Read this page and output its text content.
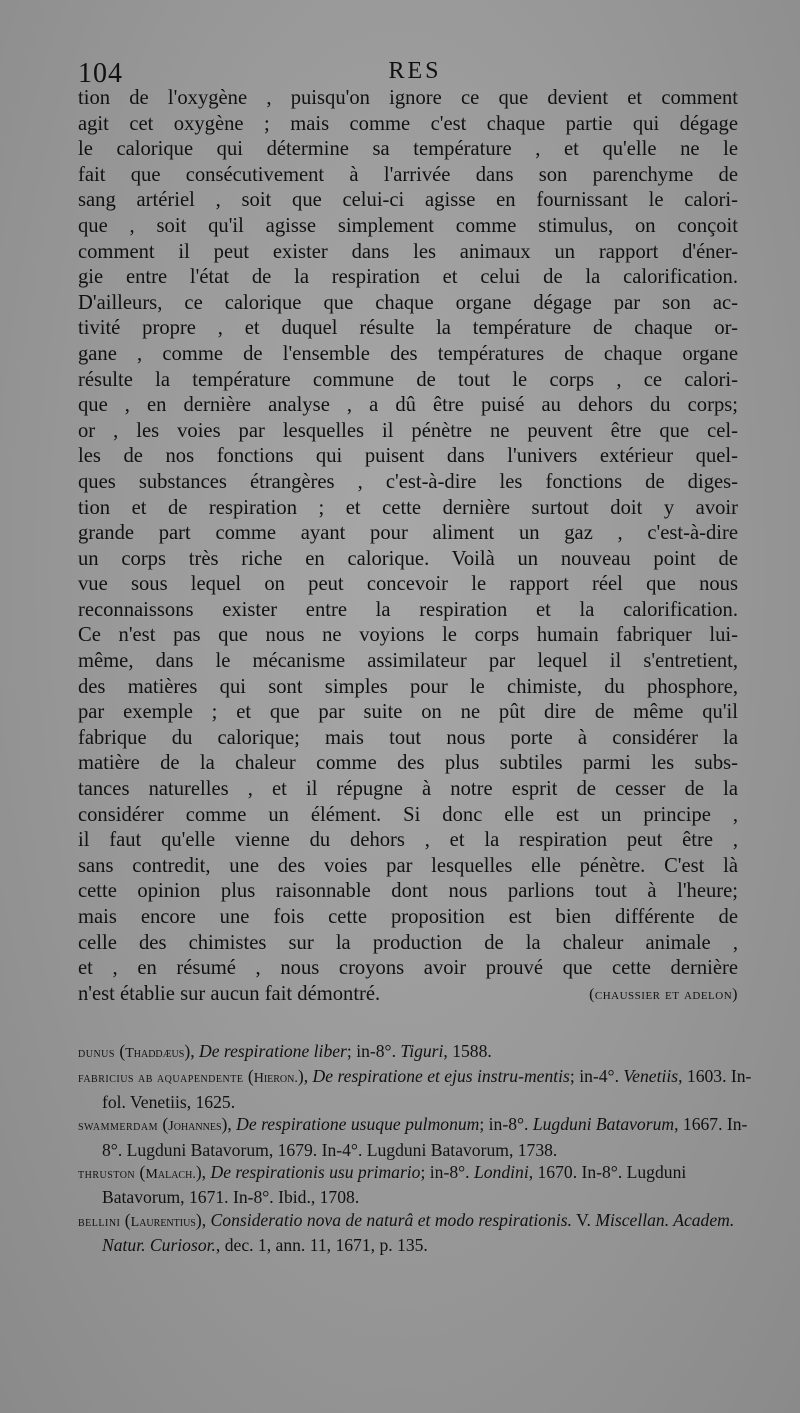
104	RES
tion de l'oxygène , puisqu'on ignore ce que devient et comment
agit cet oxygène ; mais comme c'est chaque partie qui dégage
le calorique qui détermine sa température , et qu'elle ne le
fait que consécutivement à l'arrivée dans son parenchyme de
sang artériel , soit que celui-ci agisse en fournissant le calori-
que , soit qu'il agisse simplement comme stimulus, on conçoit
comment il peut exister dans les animaux un rapport d'éner-
gie entre l'état de la respiration et celui de la calorification.
D'ailleurs, ce calorique que chaque organe dégage par son ac-
tivité propre , et duquel résulte la température de chaque or-
gane , comme de l'ensemble des températures de chaque organe
résulte la température commune de tout le corps , ce calori-
que , en dernière analyse , a dû être puisé au dehors du corps;
or , les voies par lesquelles il pénètre ne peuvent être que cel-
les de nos fonctions qui puisent dans l'univers extérieur quel-
ques substances étrangères , c'est-à-dire les fonctions de diges-
tion et de respiration ; et cette dernière surtout doit y avoir
grande part comme ayant pour aliment un gaz , c'est-à-dire
un corps très riche en calorique. Voilà un nouveau point de
vue sous lequel on peut concevoir le rapport réel que nous
reconnaissons exister entre la respiration et la calorification.
Ce n'est pas que nous ne voyions le corps humain fabriquer lui-
même, dans le mécanisme assimilateur par lequel il s'entretient,
des matières qui sont simples pour le chimiste, du phosphore,
par exemple ; et que par suite on ne pût dire de même qu'il
fabrique du calorique; mais tout nous porte à considérer la
matière de la chaleur comme des plus subtiles parmi les subs-
tances naturelles , et il répugne à notre esprit de cesser de la
considérer comme un élément. Si donc elle est un principe ,
il faut qu'elle vienne du dehors , et la respiration peut être ,
sans contredit, une des voies par lesquelles elle pénètre. C'est là
cette opinion plus raisonnable dont nous parlions tout à l'heure;
mais encore une fois cette proposition est bien différente de
celle des chimistes sur la production de la chaleur animale ,
et , en résumé , nous croyons avoir prouvé que cette dernière
n'est établie sur aucun fait démontré.	(chaussier et adelon)
dunus (Thaddæus), De respiratione liber; in-8°. Tiguri, 1588.
fabricius ab aquapendente (Hieron.), De respiratione et ejus instru-mentis; in-4°. Venetiis, 1603. In-fol. Venetiis, 1625.
swammerdam (Johannes), De respiratione usuque pulmonum; in-8°. Lugduni Batavorum, 1667. In-8°. Lugduni Batavorum, 1679. In-4°. Lugduni Batavorum, 1738.
thruston (Malach.), De respirationis usu primario; in-8°. Londini, 1670. In-8°. Lugduni Batavorum, 1671. In-8°. Ibid., 1708.
bellini (Laurentius), Consideratio nova de naturâ et modo respirationis. V. Miscellan. Academ. Natur. Curiosor., dec. 1, ann. 11, 1671, p. 135.
